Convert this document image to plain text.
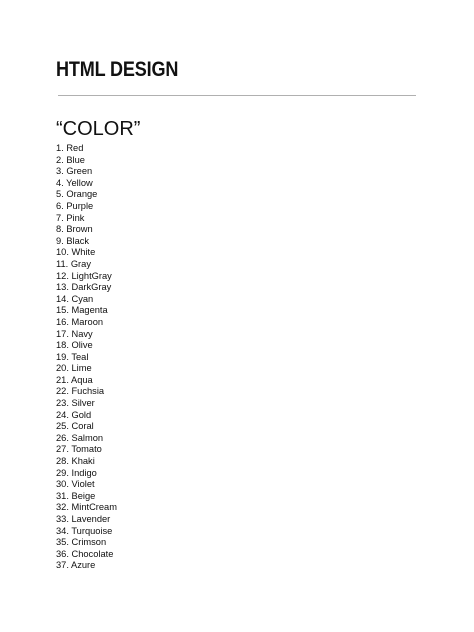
HTML DESIGN
“COLOR”
1. Red
2. Blue
3. Green
4. Yellow
5. Orange
6. Purple
7. Pink
8. Brown
9. Black
10. White
11. Gray
12. LightGray
13. DarkGray
14. Cyan
15. Magenta
16. Maroon
17. Navy
18. Olive
19. Teal
20. Lime
21. Aqua
22. Fuchsia
23. Silver
24. Gold
25. Coral
26. Salmon
27. Tomato
28. Khaki
29. Indigo
30. Violet
31. Beige
32. MintCream
33. Lavender
34. Turquoise
35. Crimson
36. Chocolate
37. Azure
